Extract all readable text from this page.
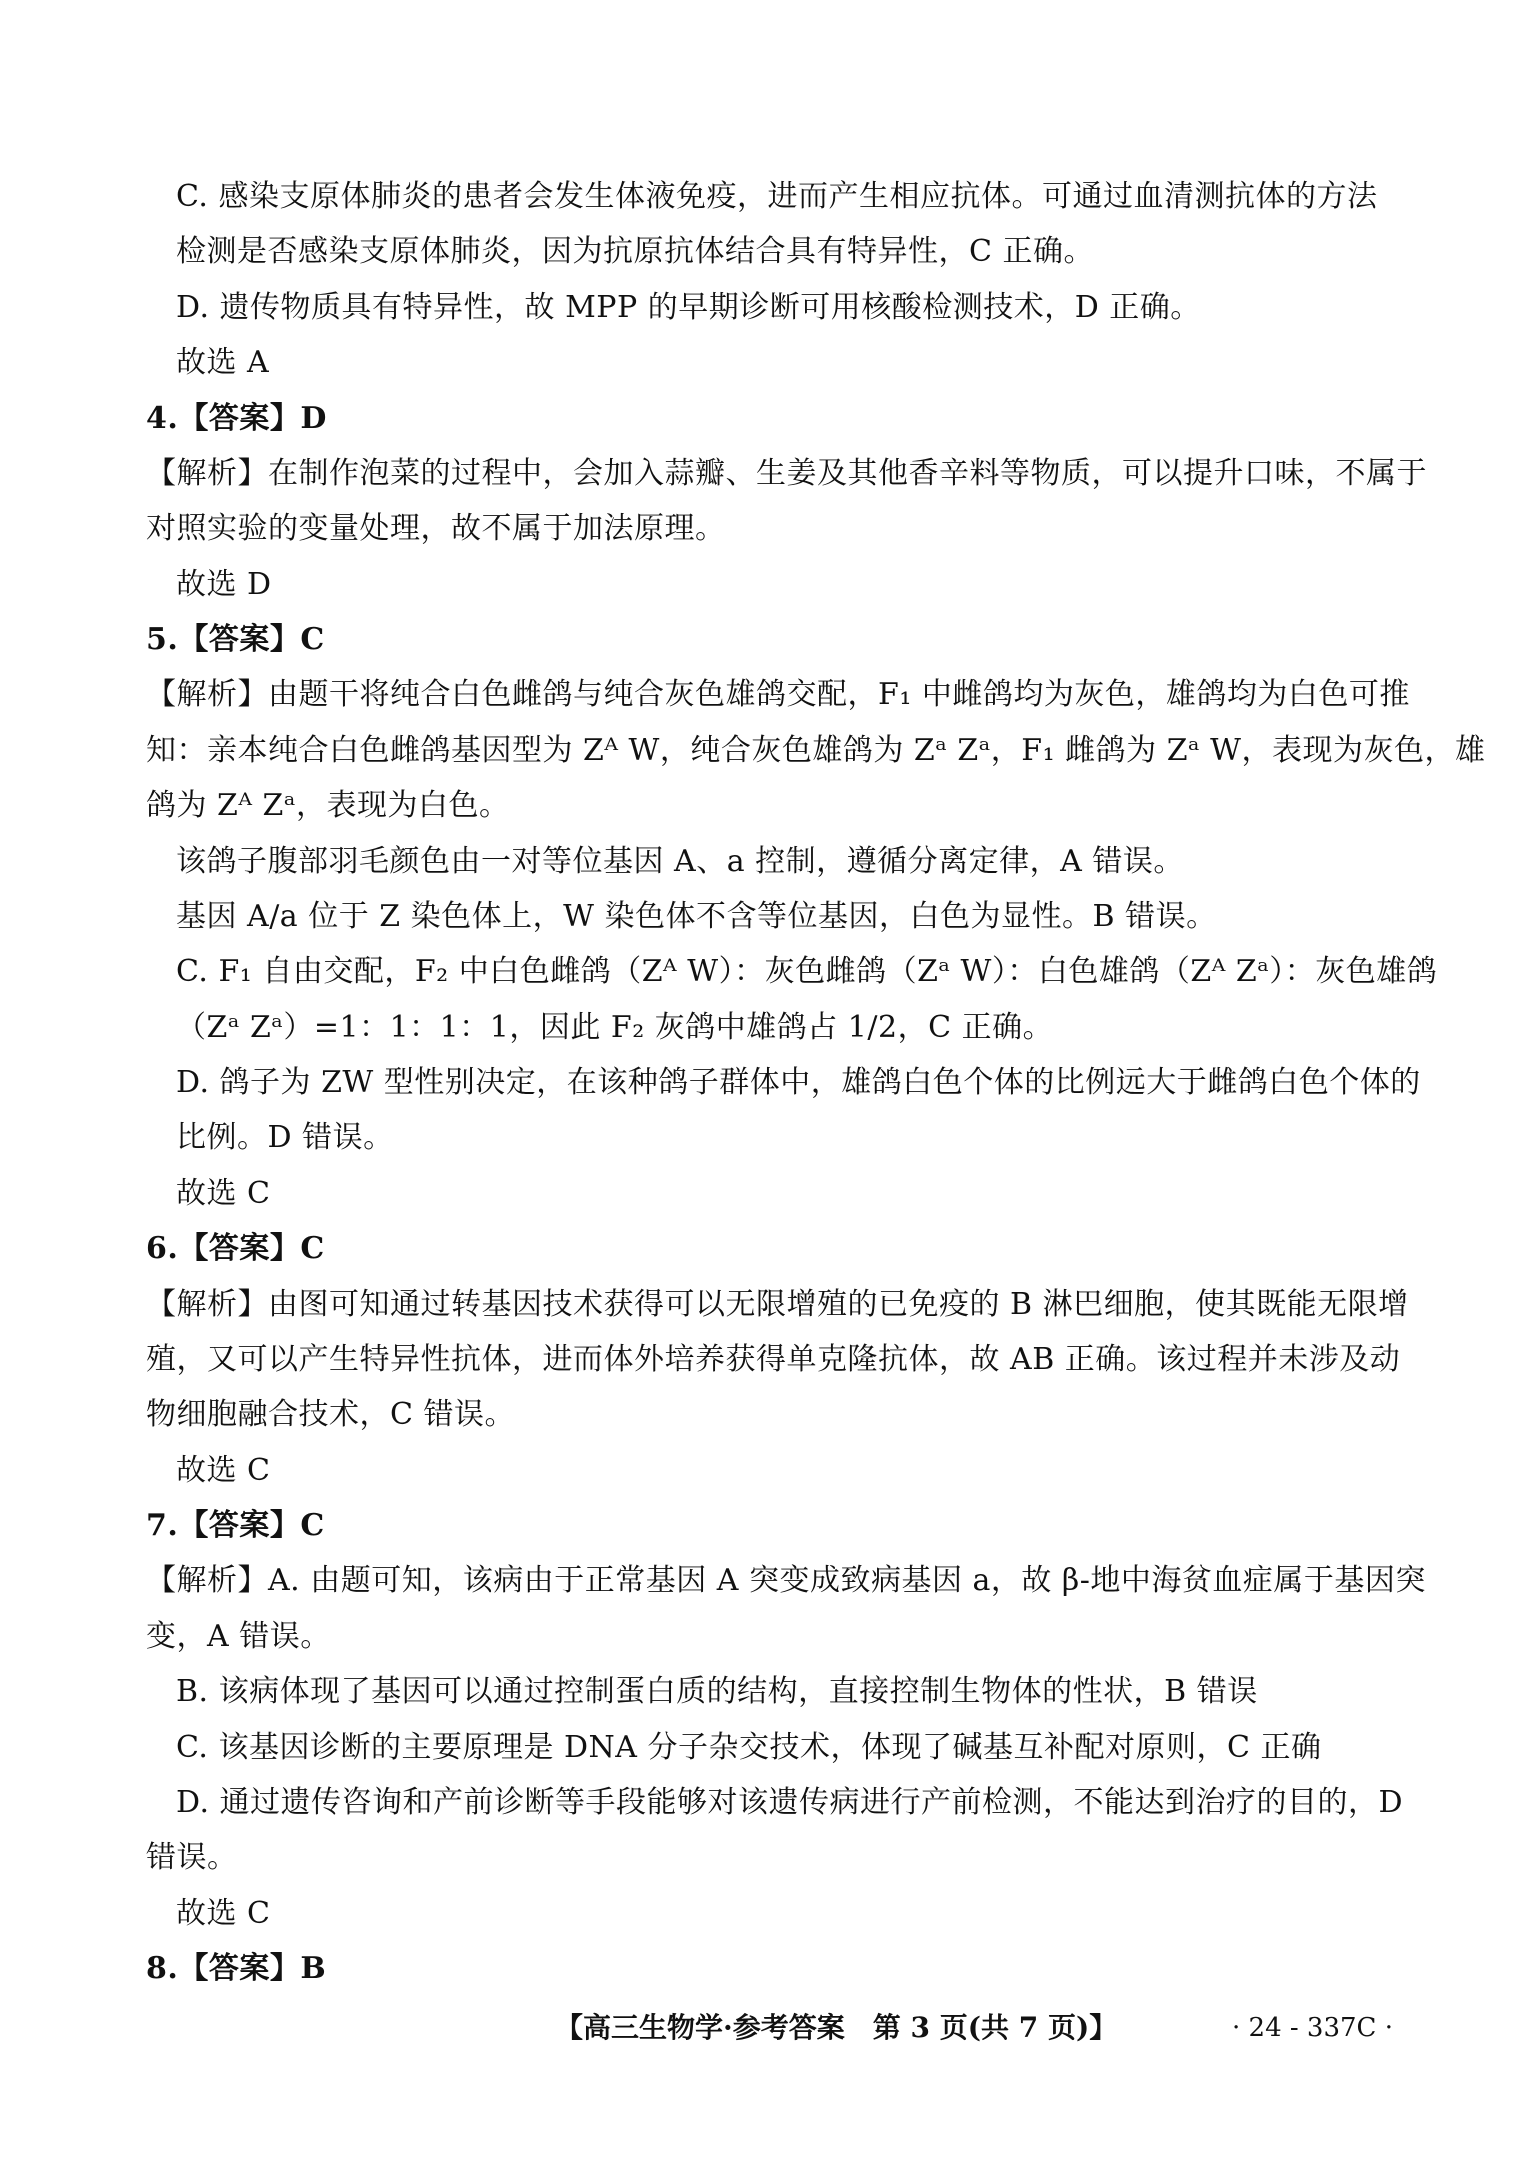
C. 感染支原体肺炎的患者会发生体液免疫，进而产生相应抗体。可通过血清测抗体的方法
检测是否感染支原体肺炎，因为抗原抗体结合具有特异性，C 正确。
D. 遗传物质具有特异性，故 MPP 的早期诊断可用核酸检测技术，D 正确。
故选 A
4.【答案】D
【解析】在制作泡菜的过程中，会加入蒜瓣、生姜及其他香辛料等物质，可以提升口味，不属于
对照实验的变量处理，故不属于加法原理。
故选 D
5.【答案】C
【解析】由题干将纯合白色雌鸽与纯合灰色雄鸽交配，F₁ 中雌鸽均为灰色，雄鸽均为白色可推
知：亲本纯合白色雌鸽基因型为 Zᴬ W，纯合灰色雄鸽为 Zᵃ Zᵃ，F₁ 雌鸽为 Zᵃ W，表现为灰色，雄
鸽为 Zᴬ Zᵃ，表现为白色。
该鸽子腹部羽毛颜色由一对等位基因 A、a 控制，遵循分离定律，A 错误。
基因 A/a 位于 Z 染色体上，W 染色体不含等位基因，白色为显性。B 错误。
C. F₁ 自由交配，F₂ 中白色雌鸽（Zᴬ W）：灰色雌鸽（Zᵃ W）：白色雄鸽（Zᴬ Zᵃ）：灰色雄鸽
（Zᵃ Zᵃ）=1：1：1：1，因此 F₂ 灰鸽中雄鸽占 1/2，C 正确。
D. 鸽子为 ZW 型性别决定，在该种鸽子群体中，雄鸽白色个体的比例远大于雌鸽白色个体的
比例。D 错误。
故选 C
6.【答案】C
【解析】由图可知通过转基因技术获得可以无限增殖的已免疫的 B 淋巴细胞，使其既能无限增
殖，又可以产生特异性抗体，进而体外培养获得单克隆抗体，故 AB 正确。该过程并未涉及动
物细胞融合技术，C 错误。
故选 C
7.【答案】C
【高三生物学·参考答案　第 3 页(共 7 页)】	· 24 - 337C ·
【解析】A. 由题可知，该病由于正常基因 A 突变成致病基因 a，故 β-地中海贫血症属于基因突
变，A 错误。
B. 该病体现了基因可以通过控制蛋白质的结构，直接控制生物体的性状，B 错误
C. 该基因诊断的主要原理是 DNA 分子杂交技术，体现了碱基互补配对原则，C 正确
D. 通过遗传咨询和产前诊断等手段能够对该遗传病进行产前检测，不能达到治疗的目的，D
错误。
故选 C
8.【答案】B
